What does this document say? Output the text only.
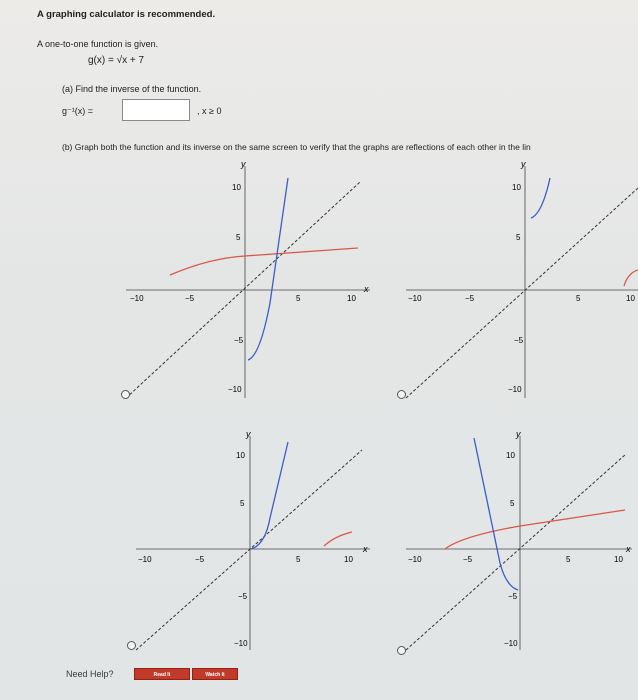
A graphing calculator is recommended.
A one-to-one function is given.
g(x) = √x + 7
(a) Find the inverse of the function.
g⁻¹(x) =	, x ≥ 0
(b) Graph both the function and its inverse on the same screen to verify that the graphs are reflections of each other in the lin
−10	−5	5	10
10
5
−5
−10
y
x
−10	−5	5	10
10
5
−5
−10
y
−10	−5	5	10
10
5
−5
−10
y
x
−10	−5	5	10
10
5
−5
−10
y
x
Need Help?	Read It	Watch It
